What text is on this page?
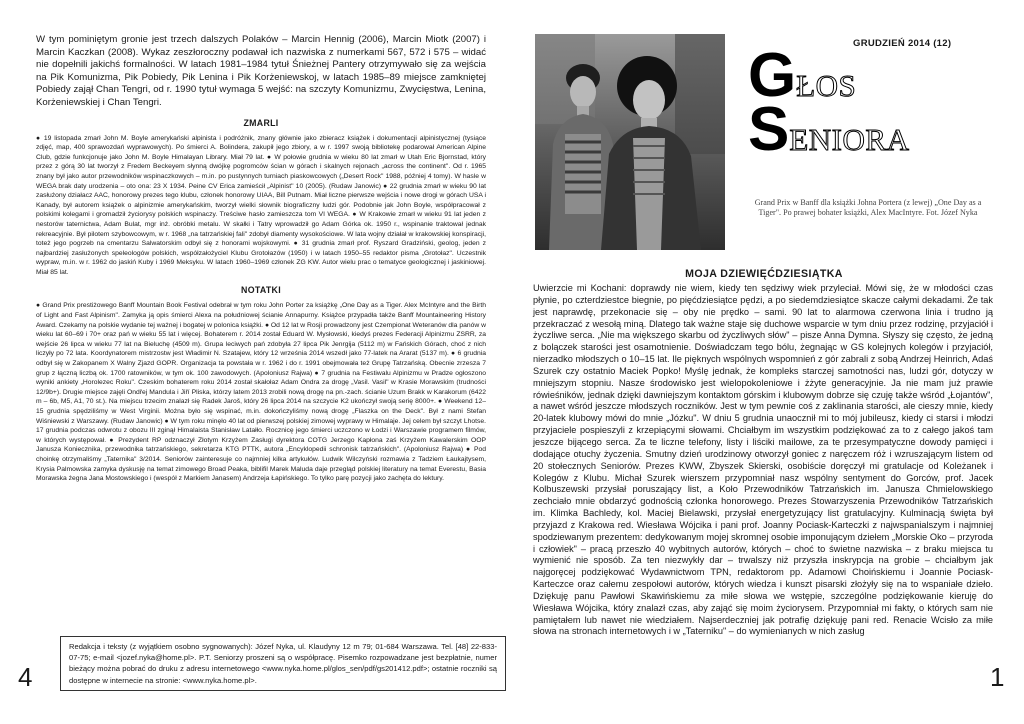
W tym pominiętym gronie jest trzech dalszych Polaków – Marcin Hennig (2006), Marcin Miotk (2007) i Marcin Kaczkan (2008). Wykaz zeszłoroczny podawał ich nazwiska z numerkami 567, 572 i 575 – widać nie dopełnili jakichś formalności. W latach 1981–1984 tytuł Śnieżnej Pantery otrzymywało się za wejścia na Pik Komunizma, Pik Pobiedy, Pik Lenina i Pik Korżeniewskoj, w latach 1985–89 miejsce zamkniętej Pobiedy zajął Chan Tengri, od r. 1990 tytuł wymaga 5 wejść: na szczyty Komunizmu, Zwycięstwa, Lenina, Korżeniewskiej i Chan Tengri.

ZMARLI

● 19 listopada zmarł John M. Boyle amerykański alpinista i podróżnik, znany głównie jako zbieracz książek i dokumentacji alpinistycznej (tysiące zdjęć, map, 400 sprawozdań wyprawowych). Po śmierci A. Bolindera, zakupił jego zbiory, a w r. 1997 swoją bibliotekę podarował American Alpine Club, gdzie funkcjonuje jako John M. Boyle Himalayan Library. Miał 79 lat. ● W połowie grudnia w wieku 80 lat zmarł w Utah Eric Bjornstad, który przez z górą 30 lat tworzył z Fredem Beckeyem słynną dwójkę pogromców ścian w górach i skalnych rejonach „across the continent". Od r. 1965 znany był jako autor przewodników wspinaczkowych – m.in. po pustynnych turniach piaskowcowych („Desert Rock" 1988, później 4 tomy). W hasle w WEGA brak daty urodzenia – oto ona: 23 X 1934. Peine CV Erica zamieścił „Alpinist" 10 (2005). (Rudaw Janowic) ● 22 grudnia zmarł w wieku 90 lat zasłużony działacz AAC, honorowy prezes tego klubu, członek honorowy UIAA, Bill Putnam. Miał liczne pierwsze wejścia i nowe drogi w górach USA i Kanady, był autorem książek o alpinizmie amerykańskim, tworzył wielki słownik biograficzny ludzi gór. Podobnie jak John Boyle, współpracował z polskimi kolegami i gromadził życiorysy polskich wspinaczy. Treściwe hasło zamieszcza tom VI WEGA. ● W Krakowie zmarł w wieku 91 lat jeden z nestorów taternictwa, Adam Bulat, mgr inż. obróbki metalu. W skałki i Tatry wprowadził go Adam Górka ok. 1950 r., wspinanie traktował jednak rekreacyjnie. Był pilotem szybowcowym, w r. 1968 „na tatrzańskiej fali" zdobył diamenty wysokościowe. W lata wojny działał w krakowskiej konspiracji, toteż jego pogrzeb na cmentarzu Salwatorskim odbył się z honorami wojskowymi. ● 31 grudnia zmarł prof. Ryszard Gradziński, geolog, jeden z najbardziej zasłużonych speleologów polskich, współzałożyciel Klubu Grotołazów (1950) i w latach 1950–55 redaktor pisma „Grotołaz". Uczestnik wypraw, m.in. w r. 1962 do jaskiń Kuby i 1969 Meksyku. W latach 1960–1969 członek ZG KW. Autor wielu prac o tematyce geologicznej i jaskiniowej. Miał 85 lat.

NOTATKI

● Grand Prix prestiżowego Banff Mountain Book Festival odebrał w tym roku John Porter za książkę „One Day as a Tiger. Alex McIntyre and the Birth of Light and Fast Alpinism". Zamyka ją opis śmierci Alexa na południowej ścianie Annapurny. Książce przypadła także Banff Mountaineering History Award. Czekamy na polskie wydanie tej ważnej i bogatej w polonica książki. ● Od 12 lat w Rosji prowadzony jest Czempionat Weteranów dla panów w wieku lat 60–69 i 70+ oraz pań w wieku 55 lat i więcej. Bohaterem r. 2014 został Eduard W. Mysłowski, kiedyś prezes Federacji Alpinizmu ZSRR, za wejście 26 lipca w wieku 77 lat na Bieluchę (4509 m). Grupa leciwych pań zdobyła 27 lipca Pik Jenrgija (5112 m) w Fańskich Górach, choć z nich liczyły po 72 lata. Koordynatorem mistrzostw jest Władimir N. Szatajew, który 12 września 2014 wszedł jako 77-latek na Ararat (5137 m). ● 6 grudnia odbył się w Zakopanem X Walny Zjazd GOPR. Organizacja ta powstała w r. 1962 i do r. 1991 obejmowała też Grupę Tatrzańską. Obecnie zrzesza 7 grup z łączną liczbą ok. 1700 ratowników, w tym ok. 100 zawodowych. (Apoloniusz Rajwa) ● 7 grudnia na Festiwalu Alpinizmu w Pradze ogłoszono wyniki ankiety „Horolezec Roku". Czeskim bohaterem roku 2014 został skałołaz Adam Ondra za drogę „Vasil. Vasil" w Krasie Morawskim (trudności 12/9b+). Drugie miejsce zajęli Ondřej Mandula i Jiří Pliska, którzy latem 2013 zrobili nową drogę na pn.-zach. ścianie Uzum Brakk w Karakorum (6422 m – 6b, M5, A1, 70 st.). Na miejscu trzecim znalazł się Radek Jaroš, który 26 lipca 2014 na szczycie K2 ukończył swoją serię 8000+. ● Weekend 12–15 grudnia spędziliśmy w West Virginii. Można było się wspinać, m.in. dokończyliśmy nową drogę „Flaszka on the Deck". Był z nami Stefan Wiśniewski z Warszawy. (Rudaw Janowic) ● W tym roku minęło 40 lat od pierwszej polskiej zimowej wyprawy w Himalaje. Jej celem był szczyt Lhotse. 17 grudnia podczas odwrotu z obozu III zginął Himalaista Stanisław Latałło. Rocznicę jego śmierci uczczono w Łodzi i Warszawie programem filmów, w których występował. ● Prezydent RP odznaczył Złotym Krzyżem Zasługi dyrektora COTG Jerzego Kapłona zaś Krzyżem Kawalerskim OOP Janusza Koniecznika, przewodnika tatrzańskiego, sekretarza KTG PTTK, autora „Encyklopedii schronisk tatrzańskich". (Apoloniusz Rajwa) ● Pod choinkę otrzymaliśmy „Taternika" 3/2014. Seniorów zainteresuje co najmniej kilka artykułów. Ludwik Wilczyński rozmawia z Tadziem Łaukajtysem, Krysia Palmowska zamyka dyskusję na temat zimowego Broad Peaka, biblifil Marek Maluda daje przegląd polskiej literatury na temat Everestu, Basia Morawska żegna Jana Mostowskiego i (wespół z Markiem Janasem) Andrzeja Łapińskiego. To tylko parę pozycji jako zachęta do lektury.

Redakcja i teksty (z wyjątkiem osobno sygnowanych): Józef Nyka, ul. Klaudyny 12 m 79; 01-684 Warszawa. Tel. [48] 22-833-07-75; e-mail <jozef.nyka@home.pl>. P.T. Seniorzy proszeni są o współpracę. Pisemko rozpowadzane jest bezpłatnie, numer bieżący można pobrać do druku z adresu internetowego <www.nyka.home.pl/glos_sen/pdf/gs201412.pdf>; ostatnie roczniki są dostępne w internecie na stronie: <www.nyka.home.pl>.
4
GRUDZIEŃ 2014 (12)
GŁOS
SENIORA
Grand Prix w Banff dla książki Johna Portera (z lewej) „One Day as a Tiger". Po prawej bohater książki, Alex MacIntyre. Fot. Józef Nyka
MOJA DZIEWIĘĆDZIESIĄTKA

Uwierzcie mi Kochani: doprawdy nie wiem, kiedy ten sędziwy wiek przyleciał. Mówi się, że w młodości czas płynie, po czterdziestce biegnie, po pięćdziesiątce pędzi, a po siedemdziesiątce skacze całymi dekadami. Że tak jest naprawdę, przekonacie się – oby nie prędko – sami. 90 lat to alarmowa czerwona linia i trudno ją przekraczać z wesołą miną. Dlatego tak ważne staje się duchowe wsparcie w tym dniu przez rodzinę, przyjaciół i życzliwe serca. „Nie ma większego skarbu od życzliwych słów" – pisze Anna Dymna. Słyszy się często, że jedną z bolączek starości jest osamotnienie. Doświadczam tego bólu, żegnając w GS kolejnych kolegów i przyjaciół, nierzadko młodszych o 10–15 lat. Ile pięknych wspólnych wspomnień z gór zabrali z sobą Andrzej Heinrich, Adaś Szurek czy ostatnio Maciek Popko! Myślę jednak, że kompleks starczej samotności nas, ludzi gór, dotyczy w mniejszym stopniu. Nasze środowisko jest wielopokoleniowe i żżyte generacyjnie. Ja nie mam już prawie rówieśników, jednak dzięki dawniejszym kontaktom górskim i klubowym dobrze się czuję także wśród „Łojantów", a nawet wśród jeszcze młodszych roczników. Jest w tym pewnie coś z zaklinania starości, ale cieszy mnie, kiedy 20-latek klubowy mówi do mnie „Józku". W dniu 5 grudnia unaocznił mi to mój jubileusz, kiedy ci starsi i młodzi przyjaciele pospieszyli z krzepiącymi słowami. Chciałbym im wszystkim podziękować za to z całego jakoś tam jeszcze bijącego serca. Za te liczne telefony, listy i liściki mailowe, za te przesympatyczne dowody pamięci i dodające otuchy życzenia. Smutny dzień urodzinowy otworzył goniec z naręczem róż i wzruszającym listem od 20 stołecznych Seniorów. Prezes KWW, Zbyszek Skierski, osobiście doręczył mi gratulacje od Koleżanek i Kolegów z Klubu. Michał Szurek wierszem przypomniał nasz wspólny sentyment do Gorców, prof. Jacek Kolbuszewski przysłał poruszający list, a Koło Przewodników Tatrzańskich im. Janusza Chmielowskiego zechciało mnie obdarzyć godnością członka honorowego. Prezes Stowarzyszenia Przewodników Tatrzańskich im. Klimka Bachledy, kol. Maciej Bielawski, przysłał energetyzujący list gratulacyjny. Kulminacją święta był przyjazd z Krakowa red. Wiesława Wójcika i pani prof. Joanny Pociask-Karteczki z najwspanialszym i najmniej spodziewanym prezentem: dedykowanym mojej skromnej osobie imponującym dziełem „Morskie Oko – przyroda i człowiek" – pracą przeszło 40 wybitnych autorów, których – choć to świetne nazwiska – z braku miejsca tu wymienić nie sposób. Za ten niezwykły dar – trwalszy niż przyszła inskrypcja na grobie – chciałbym jak najgoręcej podziękować Wydawnictwom TPN, redaktorom pp. Adamowi Choińskiemu i Joannie Pociask-Karteczce oraz całemu zespołowi autorów, których wiedza i kunszt pisarski złożyły się na to wspaniałe dzieło. Dziękuję panu Pawłowi Skawińskiemu za miłe słowa we wstępie, szczególne podziękowanie kieruję do Wiesława Wójcika, który znalazł czas, aby zająć się moim życiorysem. Przypomniał mi fakty, o których sam nie pamiętałem lub nawet nie wiedziałem. Najserdeczniej jak potrafię dziękuję pani red. Renacie Wcisło za miłe słowa na stronach internetowych i w „Taterniku" – do wymienianych w nich zasług

1
